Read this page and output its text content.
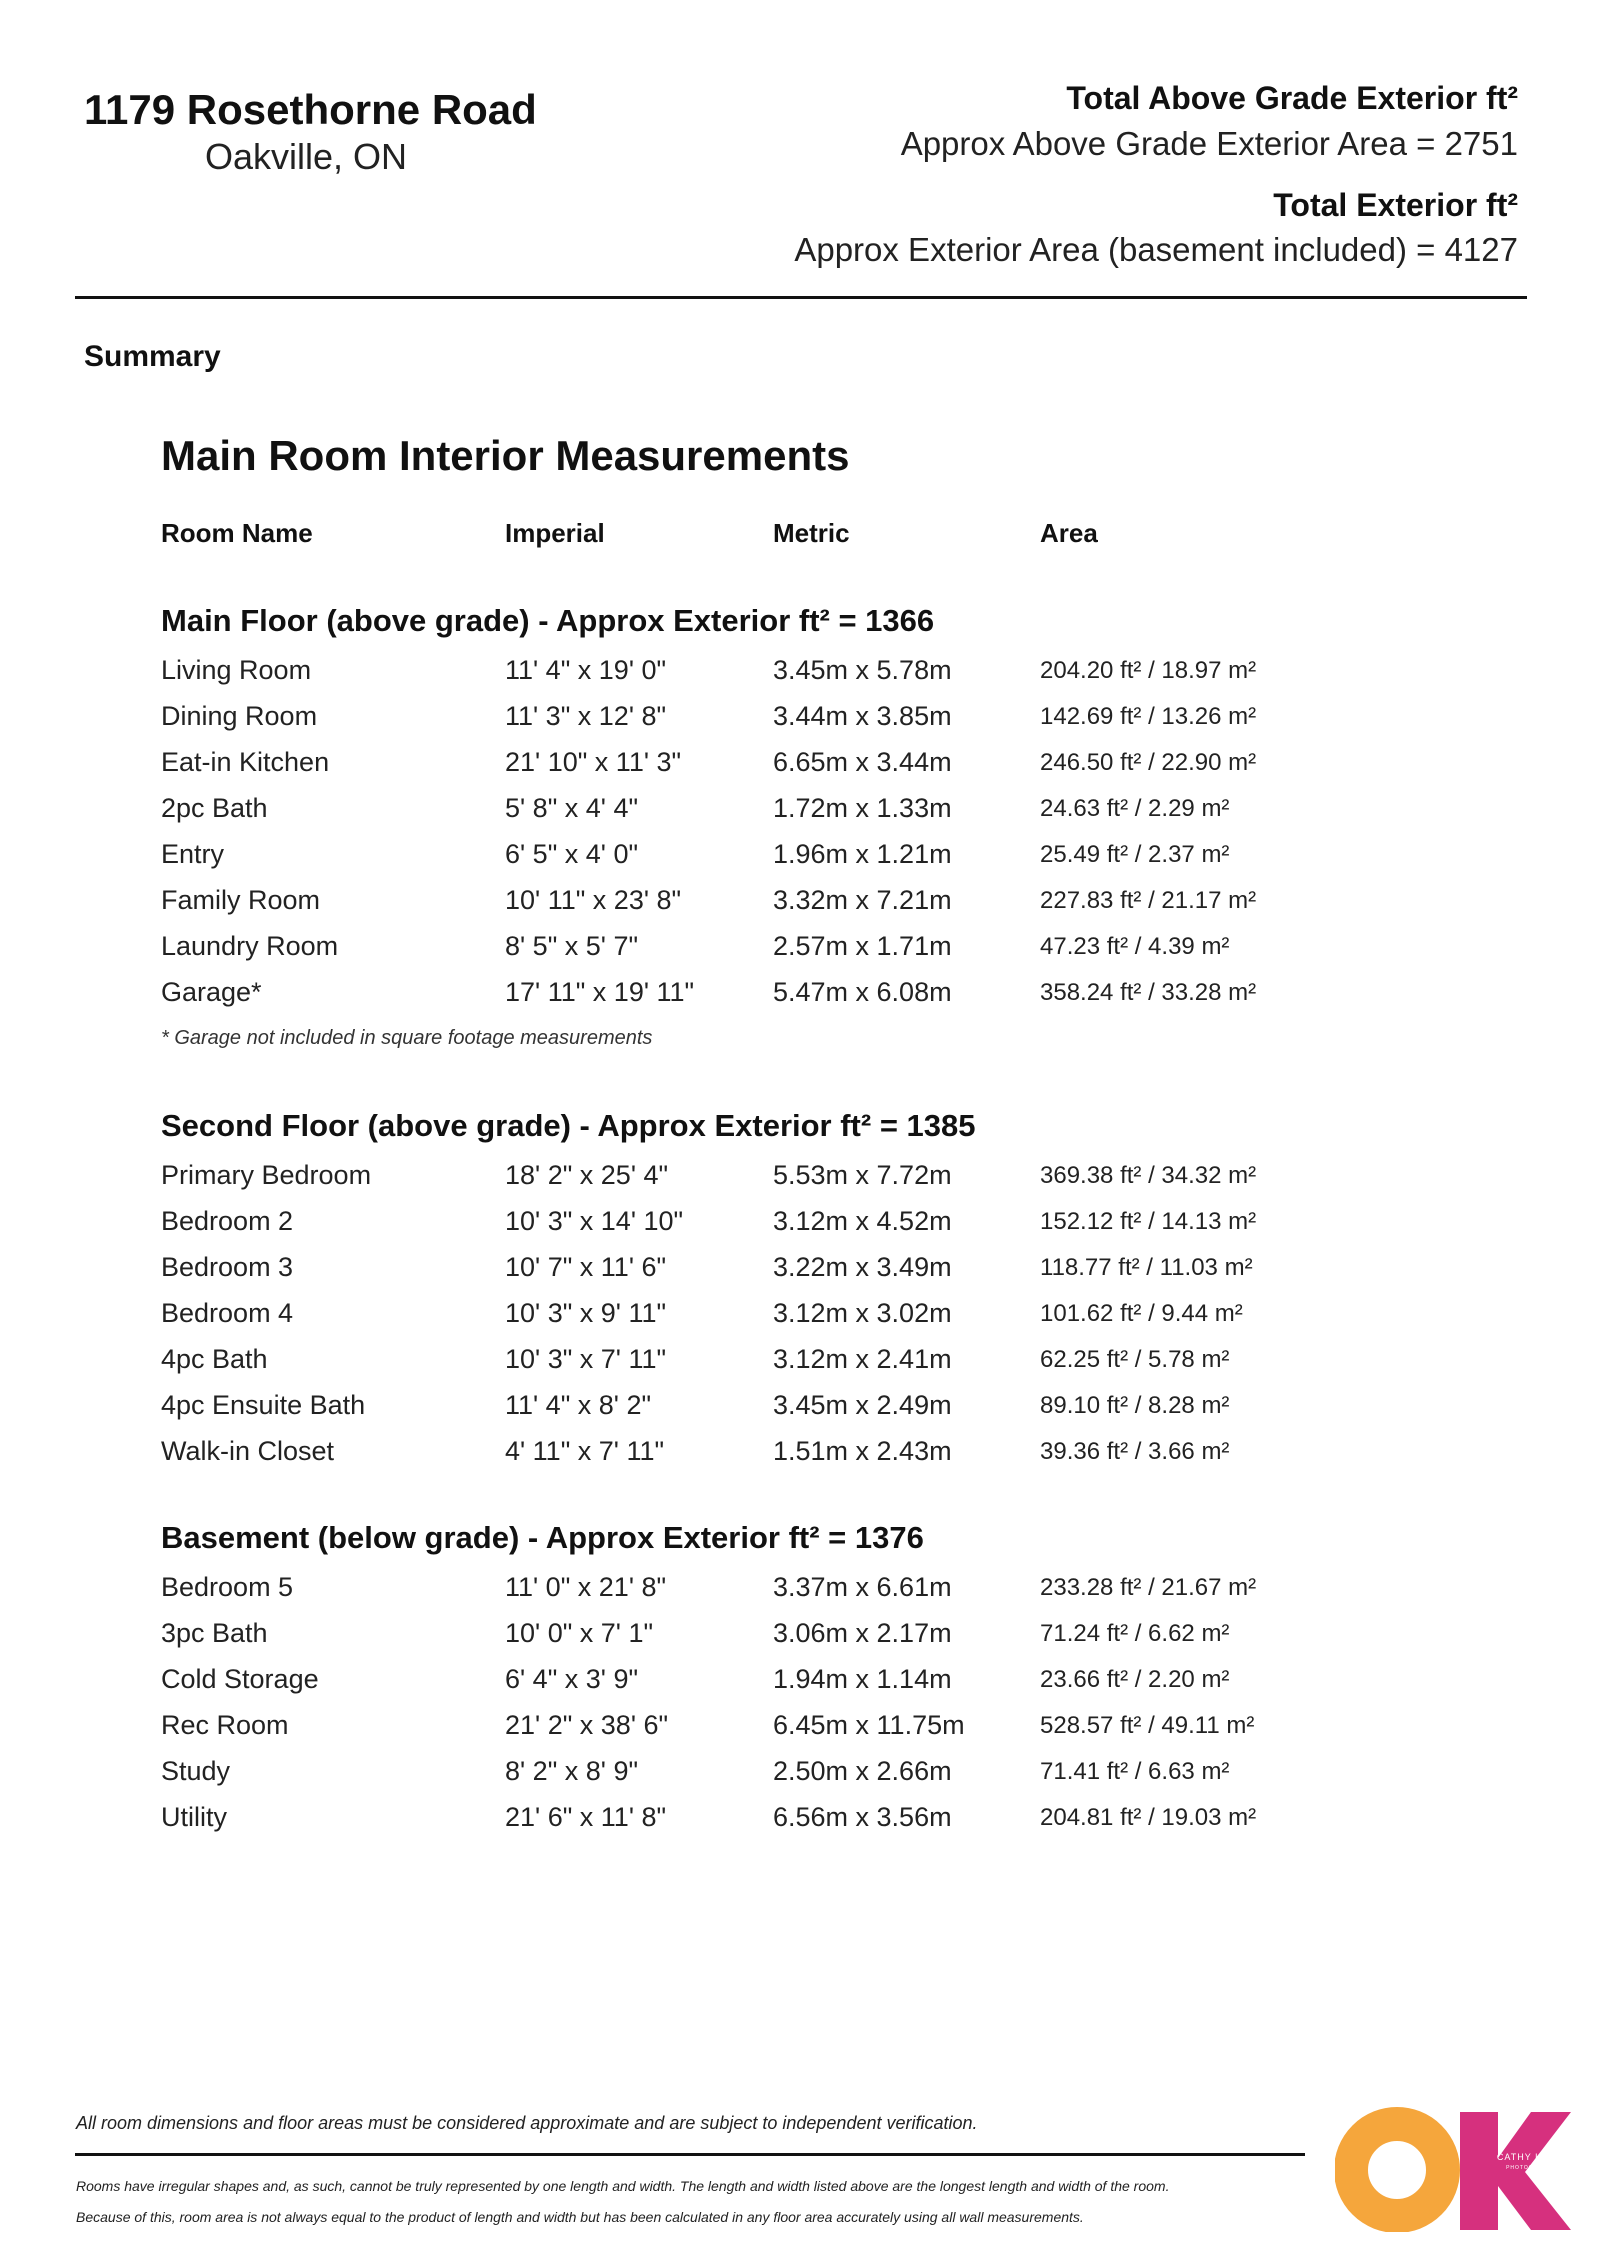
1179 Rosethorne Road
Oakville, ON
Total Above Grade Exterior ft²
Approx Above Grade Exterior Area = 2751
Total Exterior ft²
Approx Exterior Area (basement included) = 4127
Summary
Main Room Interior Measurements
Room Name	Imperial	Metric	Area
Main Floor (above grade) - Approx Exterior ft² = 1366
Living Room	11' 4" x 19' 0"	3.45m x 5.78m	204.20 ft² / 18.97 m²
Dining Room	11' 3" x 12' 8"	3.44m x 3.85m	142.69 ft² / 13.26 m²
Eat-in Kitchen	21' 10" x 11' 3"	6.65m x 3.44m	246.50 ft² / 22.90 m²
2pc Bath	5' 8" x 4' 4"	1.72m x 1.33m	24.63 ft² / 2.29 m²
Entry	6' 5" x 4' 0"	1.96m x 1.21m	25.49 ft² / 2.37 m²
Family Room	10' 11" x 23' 8"	3.32m x 7.21m	227.83 ft² / 21.17 m²
Laundry Room	8' 5" x 5' 7"	2.57m x 1.71m	47.23 ft² / 4.39 m²
Garage*	17' 11" x 19' 11"	5.47m x 6.08m	358.24 ft² / 33.28 m²
* Garage not included in square footage measurements
Second Floor (above grade) - Approx Exterior ft² = 1385
Primary Bedroom	18' 2" x 25' 4"	5.53m x 7.72m	369.38 ft² / 34.32 m²
Bedroom 2	10' 3" x 14' 10"	3.12m x 4.52m	152.12 ft² / 14.13 m²
Bedroom 3	10' 7" x 11' 6"	3.22m x 3.49m	118.77 ft² / 11.03 m²
Bedroom 4	10' 3" x 9' 11"	3.12m x 3.02m	101.62 ft² / 9.44 m²
4pc Bath	10' 3" x 7' 11"	3.12m x 2.41m	62.25 ft² / 5.78 m²
4pc Ensuite Bath	11' 4" x 8' 2"	3.45m x 2.49m	89.10 ft² / 8.28 m²
Walk-in Closet	4' 11" x 7' 11"	1.51m x 2.43m	39.36 ft² / 3.66 m²
Basement (below grade) - Approx Exterior ft² = 1376
Bedroom 5	11' 0" x 21' 8"	3.37m x 6.61m	233.28 ft² / 21.67 m²
3pc Bath	10' 0" x 7' 1"	3.06m x 2.17m	71.24 ft² / 6.62 m²
Cold Storage	6' 4" x 3' 9"	1.94m x 1.14m	23.66 ft² / 2.20 m²
Rec Room	21' 2" x 38' 6"	6.45m x 11.75m	528.57 ft² / 49.11 m²
Study	8' 2" x 8' 9"	2.50m x 2.66m	71.41 ft² / 6.63 m²
Utility	21' 6" x 11' 8"	6.56m x 3.56m	204.81 ft² / 19.03 m²
All room dimensions and floor areas must be considered approximate and are subject to independent verification.
Rooms have irregular shapes and, as such, cannot be truly represented by one length and width. The length and width listed above are the longest length and width of the room.
Because of this, room area is not always equal to the product of length and width but has been calculated in any floor area accurately using all wall measurements.
CATHY KOOP
PHOTOGRAPHY
